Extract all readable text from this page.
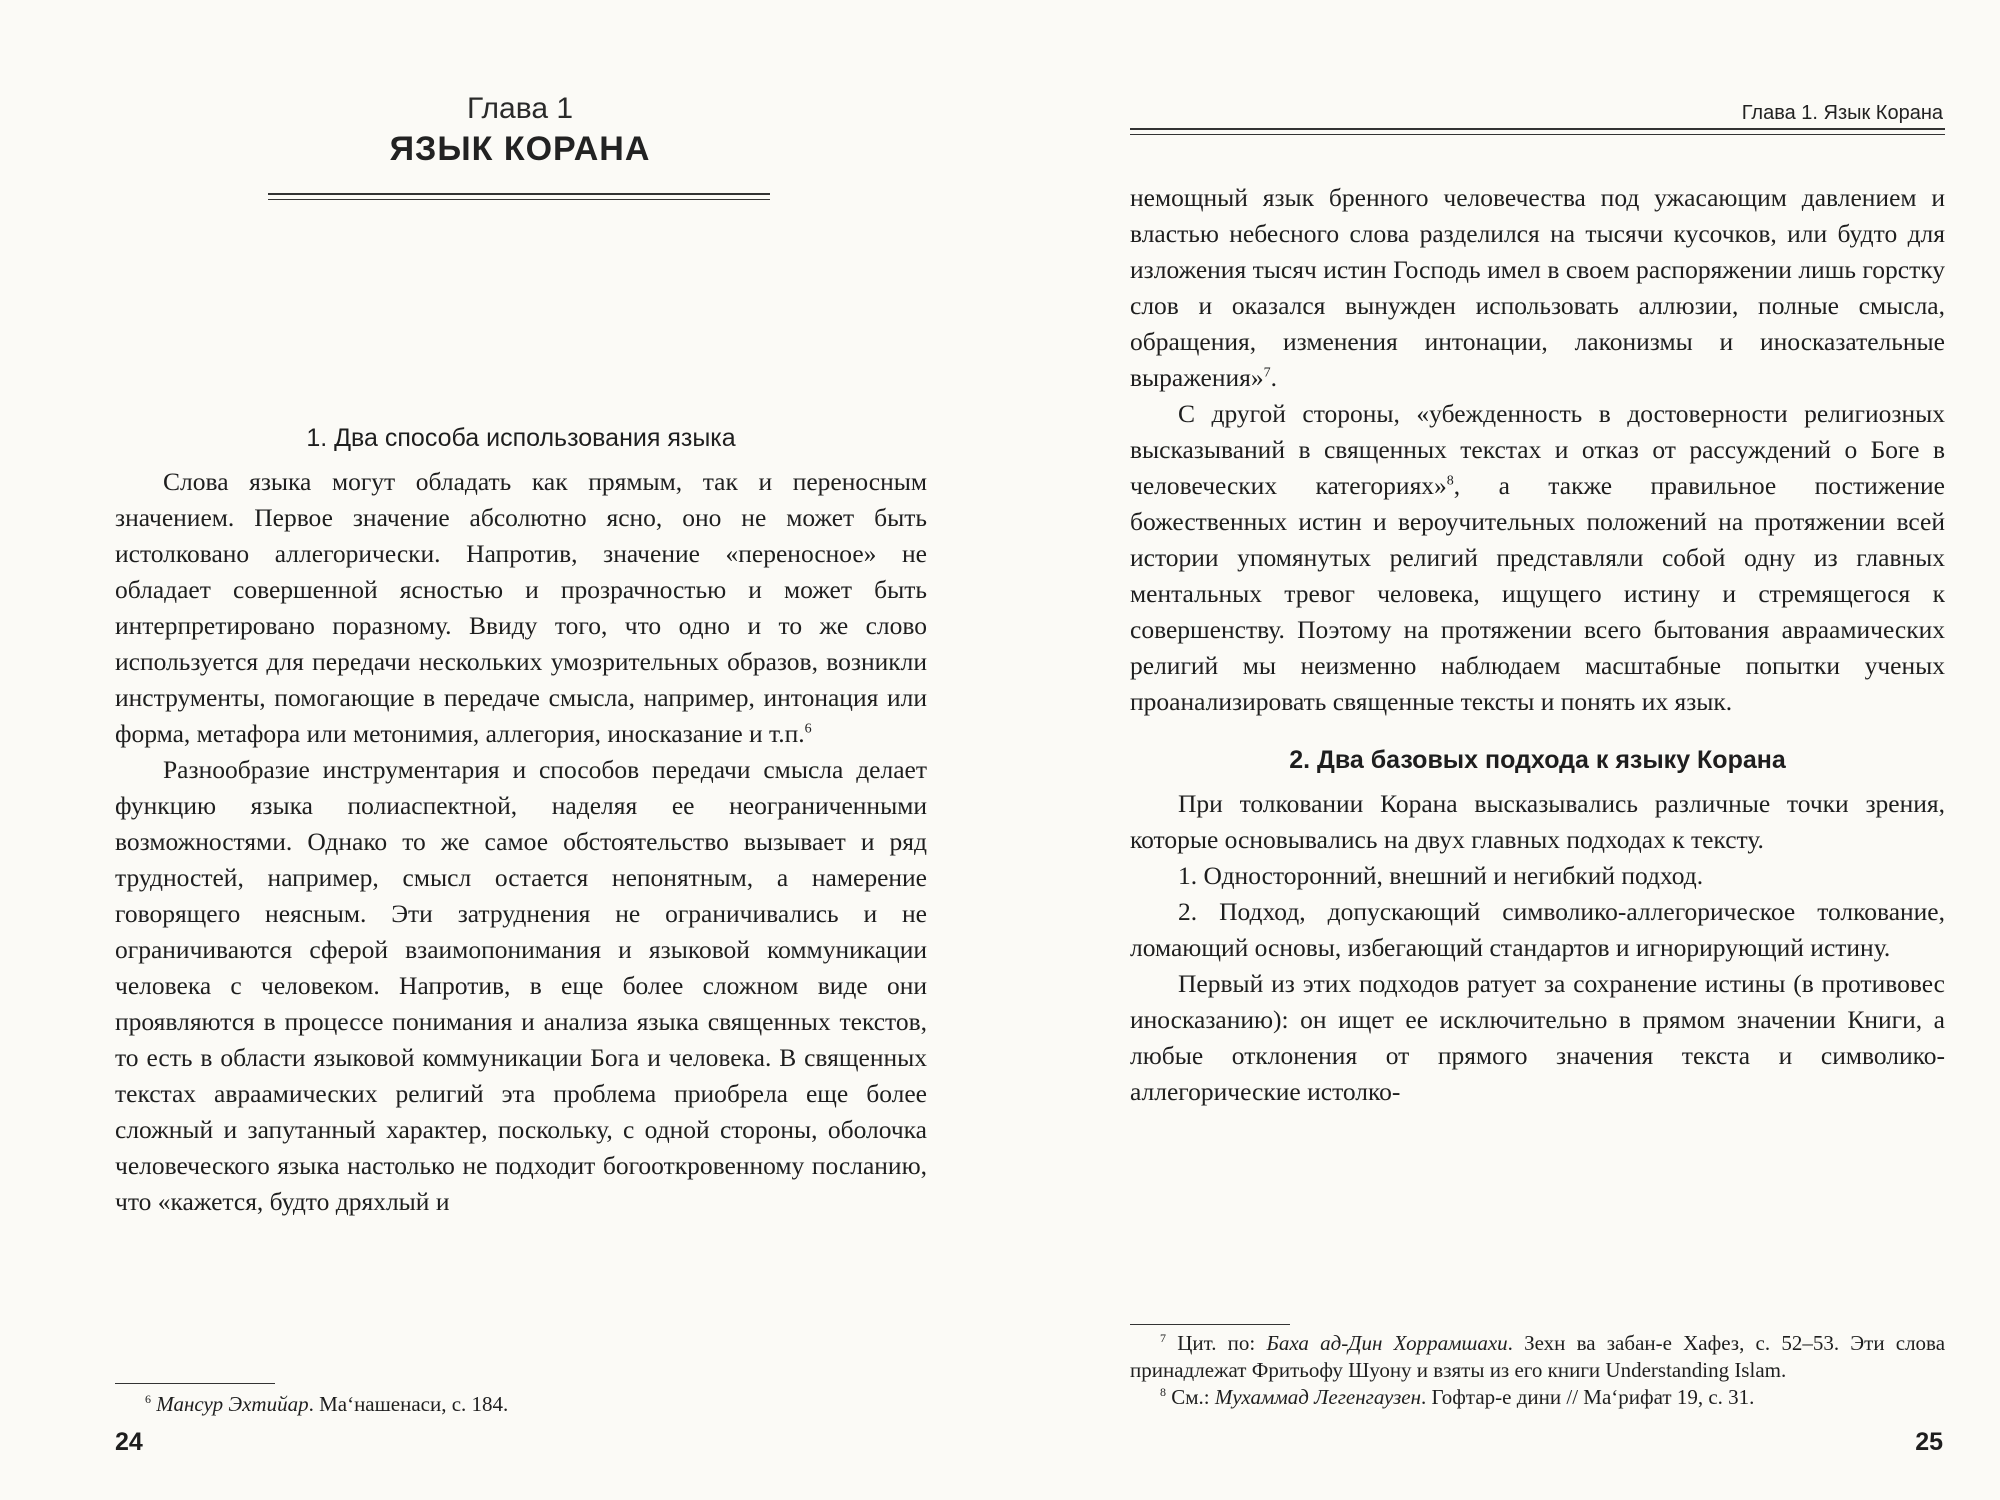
Глава 1
ЯЗЫК КОРАНА
1. Два способа использования языка

Слова языка могут обладать как прямым, так и переносным значением. Первое значение абсолютно ясно, оно не может быть истолковано аллегорически. Напротив, значение «переносное» не обладает совершенной ясностью и прозрачностью и может быть интерпретировано поразному. Ввиду того, что одно и то же слово используется для передачи нескольких умозрительных образов, возникли инструменты, помогающие в передаче смысла, например, интонация или форма, метафора или метонимия, аллегория, иносказание и т.п.$^6$

Разнообразие инструментария и способов передачи смысла делает функцию языка полиаспектной, наделяя ее неограниченными возможностями. Однако то же самое обстоятельство вызывает и ряд трудностей, например, смысл остается непонятным, а намерение говорящего неясным. Эти затруднения не ограничивались и не ограничиваются сферой взаимопонимания и языковой коммуникации человека с человеком. Напротив, в еще более сложном виде они проявляются в процессе понимания и анализа языка священных текстов, то есть в области языковой коммуникации Бога и человека. В священных текстах авраамических религий эта проблема приобрела еще более сложный и запутанный характер, поскольку, с одной стороны, оболочка человеческого языка настолько не подходит богооткровенному посланию, что «кажется, будто дряхлый и

$^6$ Мансур Эхтийар. Ма‘нашенаси, с. 184.

24
Глава 1. Язык Корана

немощный язык бренного человечества под ужасающим давлением и властью небесного слова разделился на тысячи кусочков, или будто для изложения тысяч истин Господь имел в своем распоряжении лишь горстку слов и оказался вынужден использовать аллюзии, полные смысла, обращения, изменения интонации, лаконизмы и иносказательные выражения»$^7$.

С другой стороны, «убежденность в достоверности религиозных высказываний в священных текстах и отказ от рассуждений о Боге в человеческих категориях»$^8$, а также правильное постижение божественных истин и вероучительных положений на протяжении всей истории упомянутых религий представляли собой одну из главных ментальных тревог человека, ищущего истину и стремящегося к совершенству. Поэтому на протяжении всего бытования авраамических религий мы неизменно наблюдаем масштабные попытки ученых проанализировать священные тексты и понять их язык.

2. Два базовых подхода к языку Корана

При толковании Корана высказывались различные точки зрения, которые основывались на двух главных подходах к тексту.

1. Односторонний, внешний и негибкий подход.

2. Подход, допускающий символико-аллегорическое толкование, ломающий основы, избегающий стандартов и игнорирующий истину.

Первый из этих подходов ратует за сохранение истины (в противовес иносказанию): он ищет ее исключительно в прямом значении Книги, а любые отклонения от прямого значения текста и символико-аллегорические истолко-

$^7$ Цит. по: Баха ад-Дин Хоррамшахи. Зехн ва забан-е Хафез, с. 52–53. Эти слова принадлежат Фритьофу Шуону и взяты из его книги Understanding Islam.

$^8$ См.: Мухаммад Легенгаузен. Гофтар-е дини // Ма‘рифат 19, с. 31.

25
